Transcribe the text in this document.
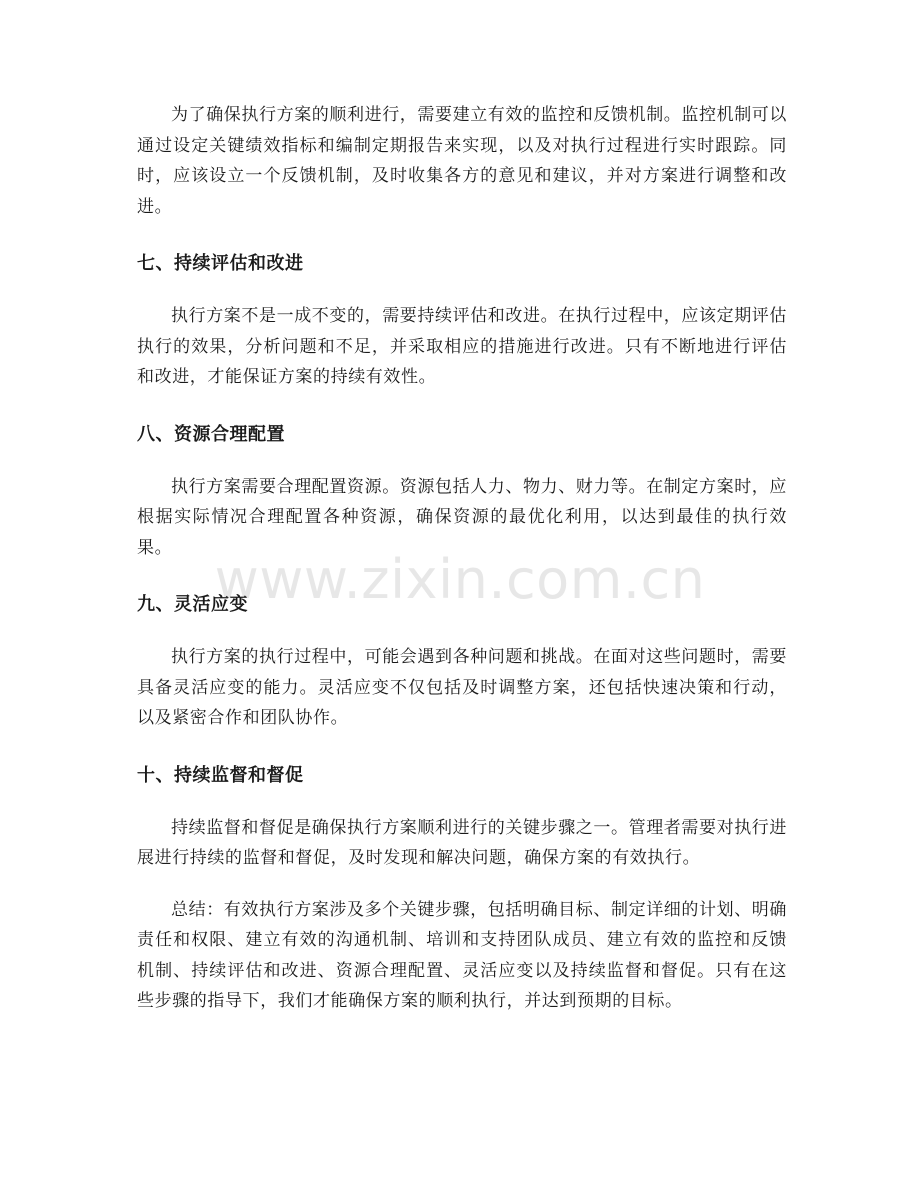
为了确保执行方案的顺利进行，需要建立有效的监控和反馈机制。监控机制可以通过设定关键绩效指标和编制定期报告来实现，以及对执行过程进行实时跟踪。同时，应该设立一个反馈机制，及时收集各方的意见和建议，并对方案进行调整和改进。

七、持续评估和改进

执行方案不是一成不变的，需要持续评估和改进。在执行过程中，应该定期评估执行的效果，分析问题和不足，并采取相应的措施进行改进。只有不断地进行评估和改进，才能保证方案的持续有效性。

八、资源合理配置

执行方案需要合理配置资源。资源包括人力、物力、财力等。在制定方案时，应根据实际情况合理配置各种资源，确保资源的最优化利用，以达到最佳的执行效果。

九、灵活应变

执行方案的执行过程中，可能会遇到各种问题和挑战。在面对这些问题时，需要具备灵活应变的能力。灵活应变不仅包括及时调整方案，还包括快速决策和行动，以及紧密合作和团队协作。

十、持续监督和督促

持续监督和督促是确保执行方案顺利进行的关键步骤之一。管理者需要对执行进展进行持续的监督和督促，及时发现和解决问题，确保方案的有效执行。

总结：有效执行方案涉及多个关键步骤，包括明确目标、制定详细的计划、明确责任和权限、建立有效的沟通机制、培训和支持团队成员、建立有效的监控和反馈机制、持续评估和改进、资源合理配置、灵活应变以及持续监督和督促。只有在这些步骤的指导下，我们才能确保方案的顺利执行，并达到预期的目标。

www.zixin.com.cn
